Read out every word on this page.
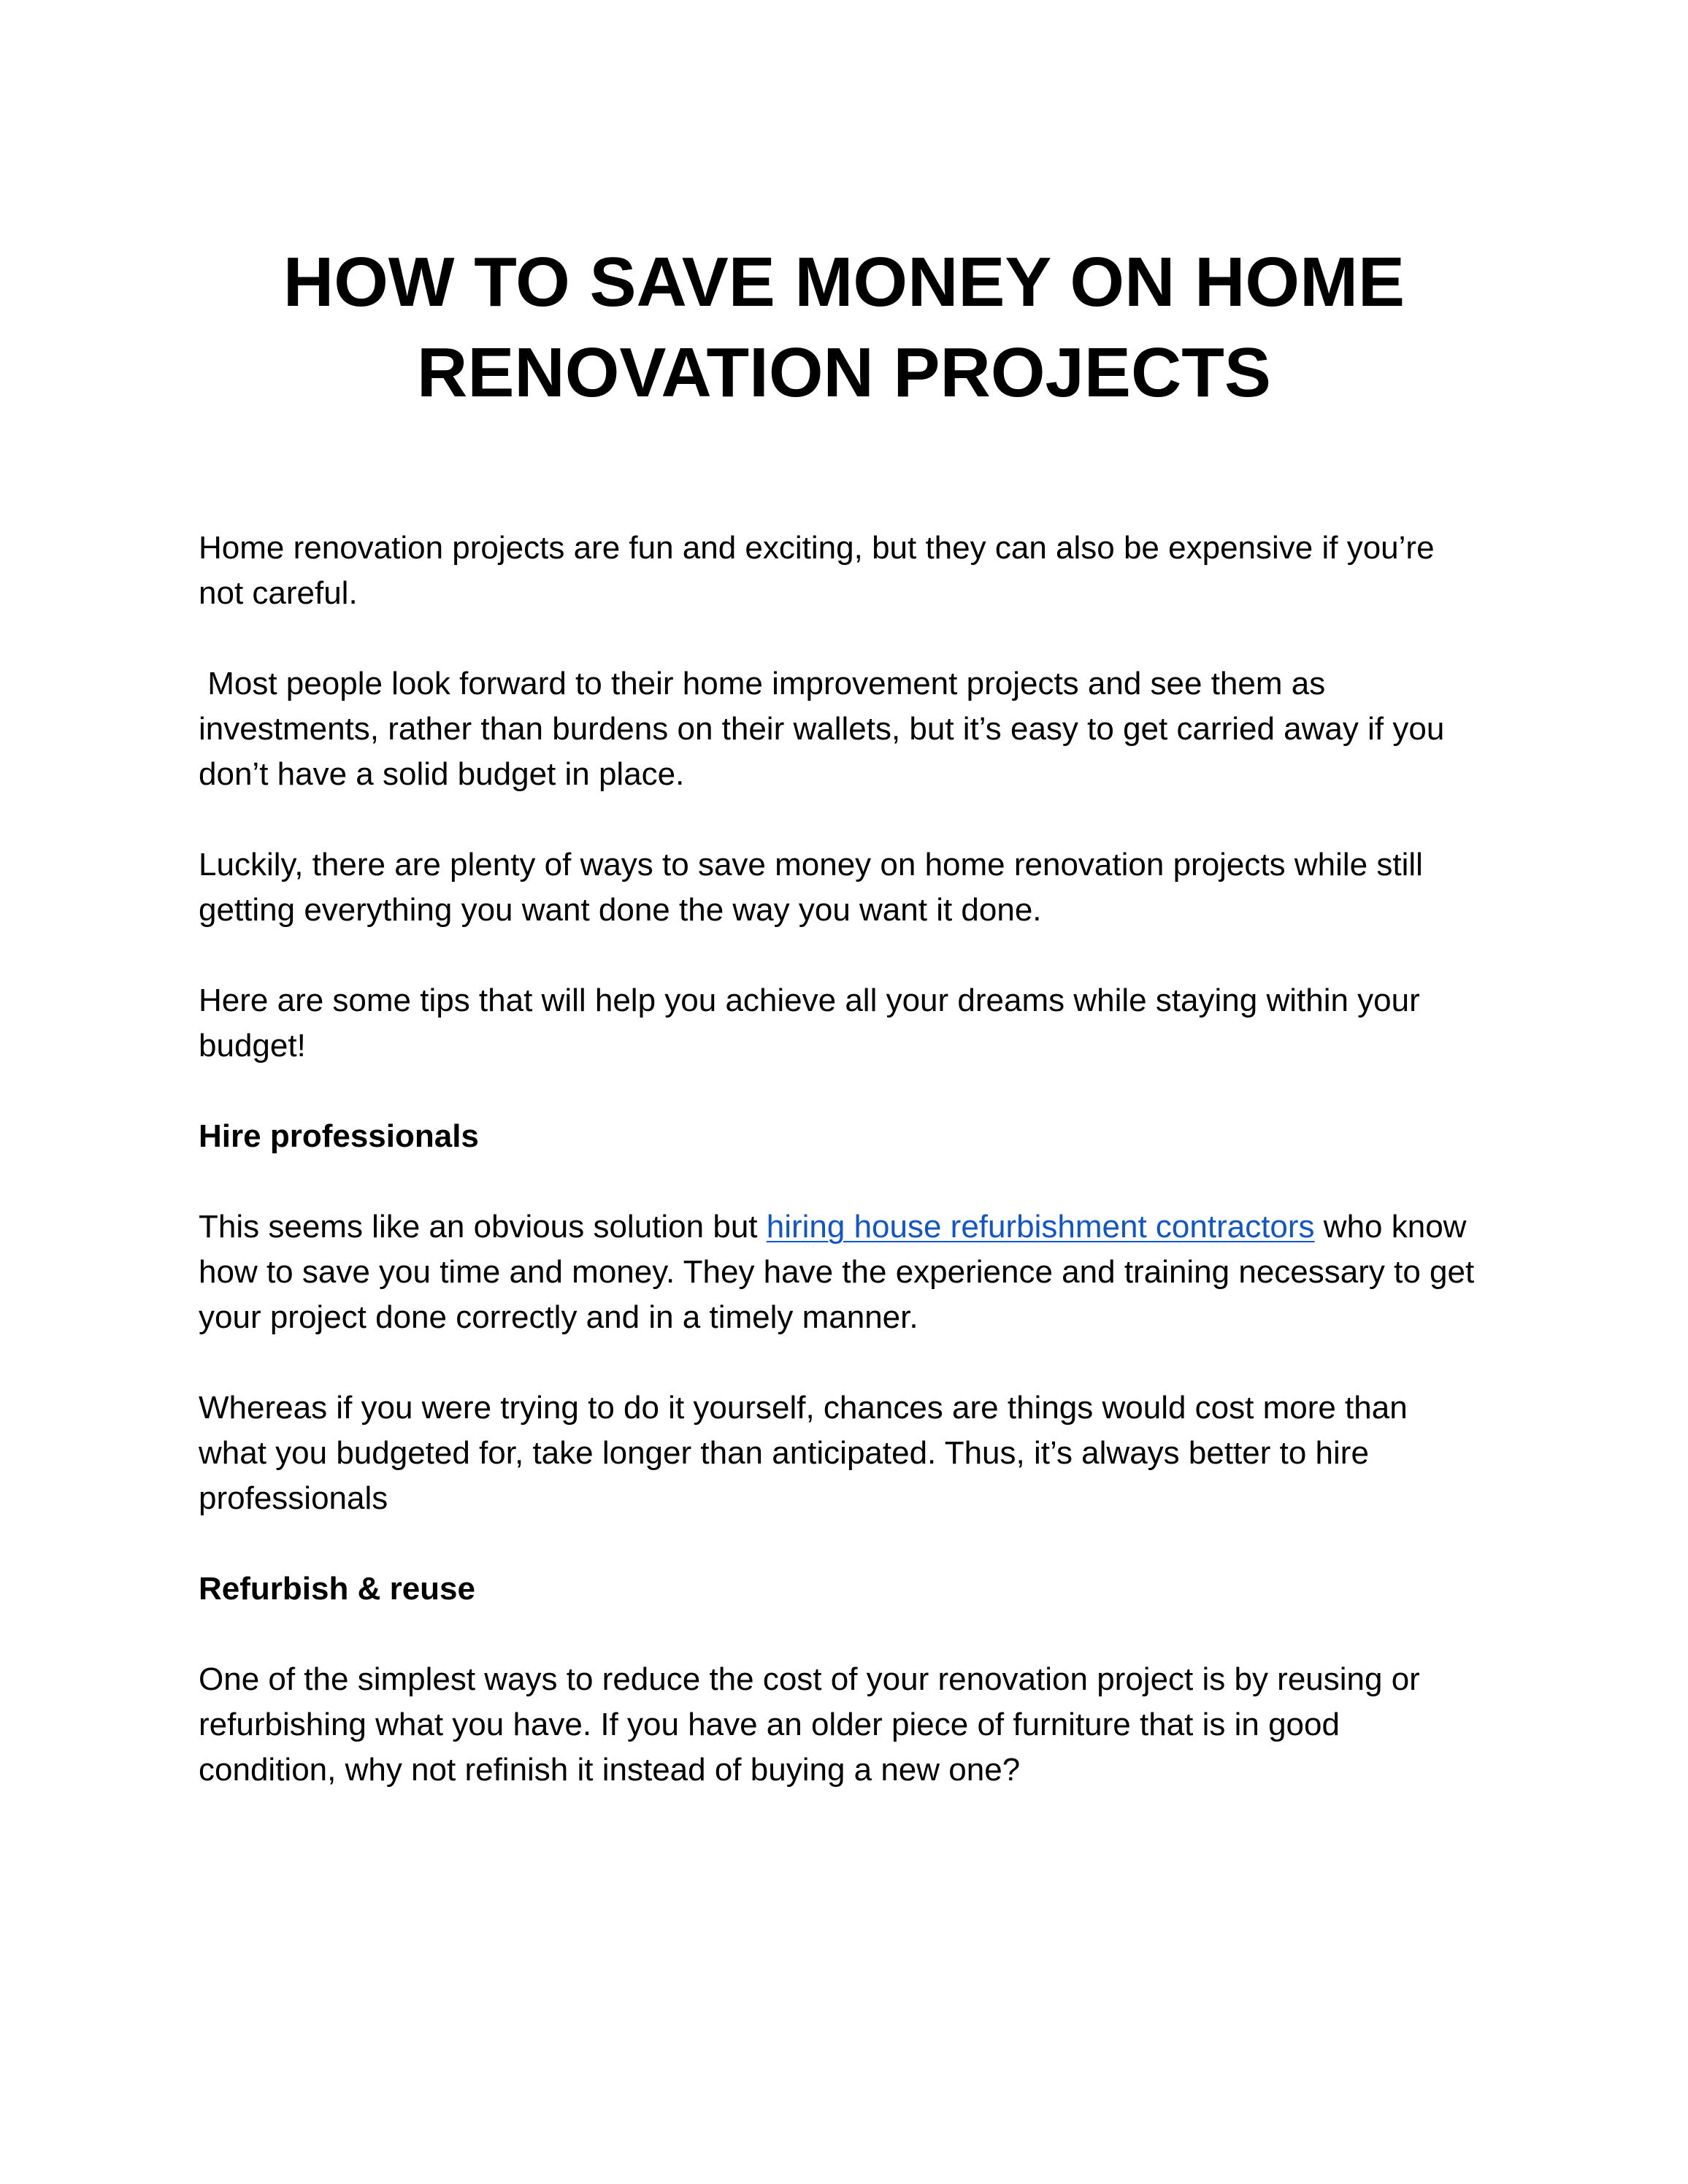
HOW TO SAVE MONEY ON HOME
RENOVATION PROJECTS

Home renovation projects are fun and exciting, but they can also be expensive if you’re not careful.

Most people look forward to their home improvement projects and see them as investments, rather than burdens on their wallets, but it’s easy to get carried away if you don’t have a solid budget in place.

Luckily, there are plenty of ways to save money on home renovation projects while still getting everything you want done the way you want it done.

Here are some tips that will help you achieve all your dreams while staying within your budget!

Hire professionals

This seems like an obvious solution but hiring house refurbishment contractors who know how to save you time and money. They have the experience and training necessary to get your project done correctly and in a timely manner.

Whereas if you were trying to do it yourself, chances are things would cost more than what you budgeted for, take longer than anticipated. Thus, it’s always better to hire professionals

Refurbish & reuse

One of the simplest ways to reduce the cost of your renovation project is by reusing or refurbishing what you have. If you have an older piece of furniture that is in good condition, why not refinish it instead of buying a new one?
